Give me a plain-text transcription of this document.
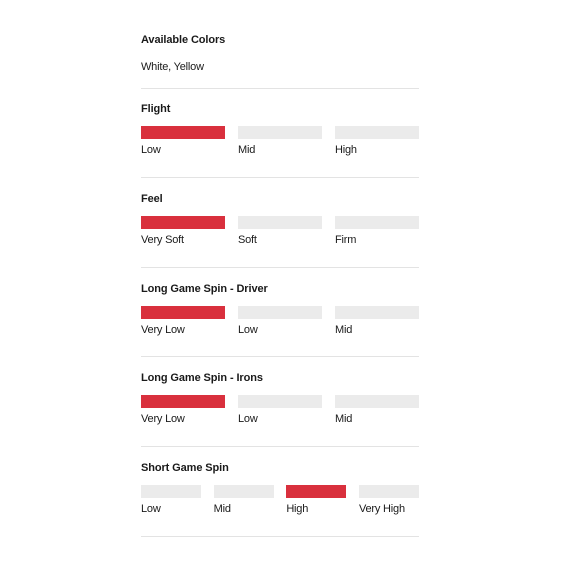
Available Colors
White, Yellow
Flight
Low	Mid	High
Feel
Very Soft	Soft	Firm
Long Game Spin - Driver
Very Low	Low	Mid
Long Game Spin - Irons
Very Low	Low	Mid
Short Game Spin
Low	Mid	High	Very High
